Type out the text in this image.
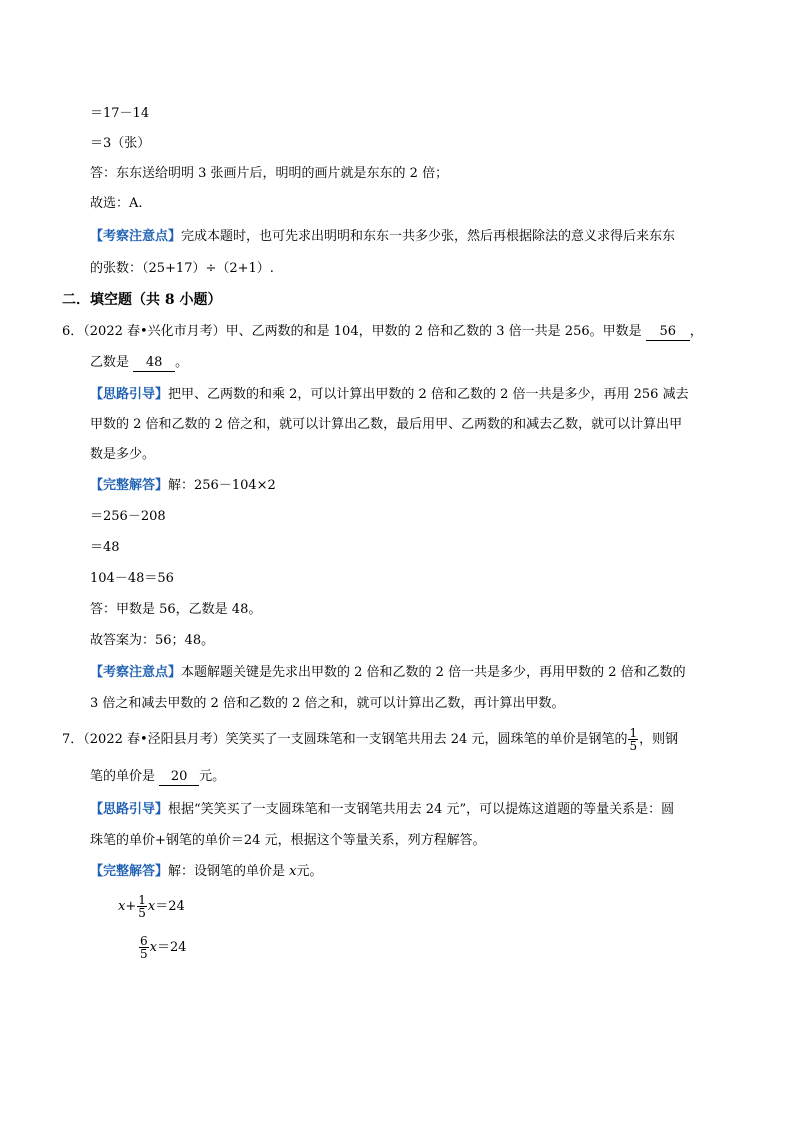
＝17－14
＝3（张）
答：东东送给明明 3 张画片后，明明的画片就是东东的 2 倍；
故选：A.
【考察注意点】完成本题时，也可先求出明明和东东一共多少张，然后再根据除法的意义求得后来东东
的张数：（25+17）÷（2+1）.
二．填空题（共 8 小题）
6．（2022 春•兴化市月考）甲、乙两数的和是 104，甲数的 2 倍和乙数的 3 倍一共是 256。甲数是 56 ，
乙数是 48 。
【思路引导】把甲、乙两数的和乘 2，可以计算出甲数的 2 倍和乙数的 2 倍一共是多少，再用 256 减去
甲数的 2 倍和乙数的 2 倍之和，就可以计算出乙数，最后用甲、乙两数的和减去乙数，就可以计算出甲
数是多少。
【完整解答】解：256－104×2
＝256－208
＝48
104－48＝56
答：甲数是 56，乙数是 48。
故答案为：56；48。
【考察注意点】本题解题关键是先求出甲数的 2 倍和乙数的 2 倍一共是多少，再用甲数的 2 倍和乙数的
3 倍之和减去甲数的 2 倍和乙数的 2 倍之和，就可以计算出乙数，再计算出甲数。
7．（2022 春•泾阳县月考）笑笑买了一支圆珠笔和一支钢笔共用去 24 元，圆珠笔的单价是钢笔的 $\frac{1}{5}$ ，则钢
笔的单价是 20 元。
【思路引导】根据“笑笑买了一支圆珠笔和一支钢笔共用去 24 元”，可以提炼这道题的等量关系是：圆
珠笔的单价+钢笔的单价＝24 元，根据这个等量关系，列方程解答。
【完整解答】解：设钢笔的单价是 x元。
$x+ \frac{1}{5} x=24$
$\frac{6}{5} x=24$
